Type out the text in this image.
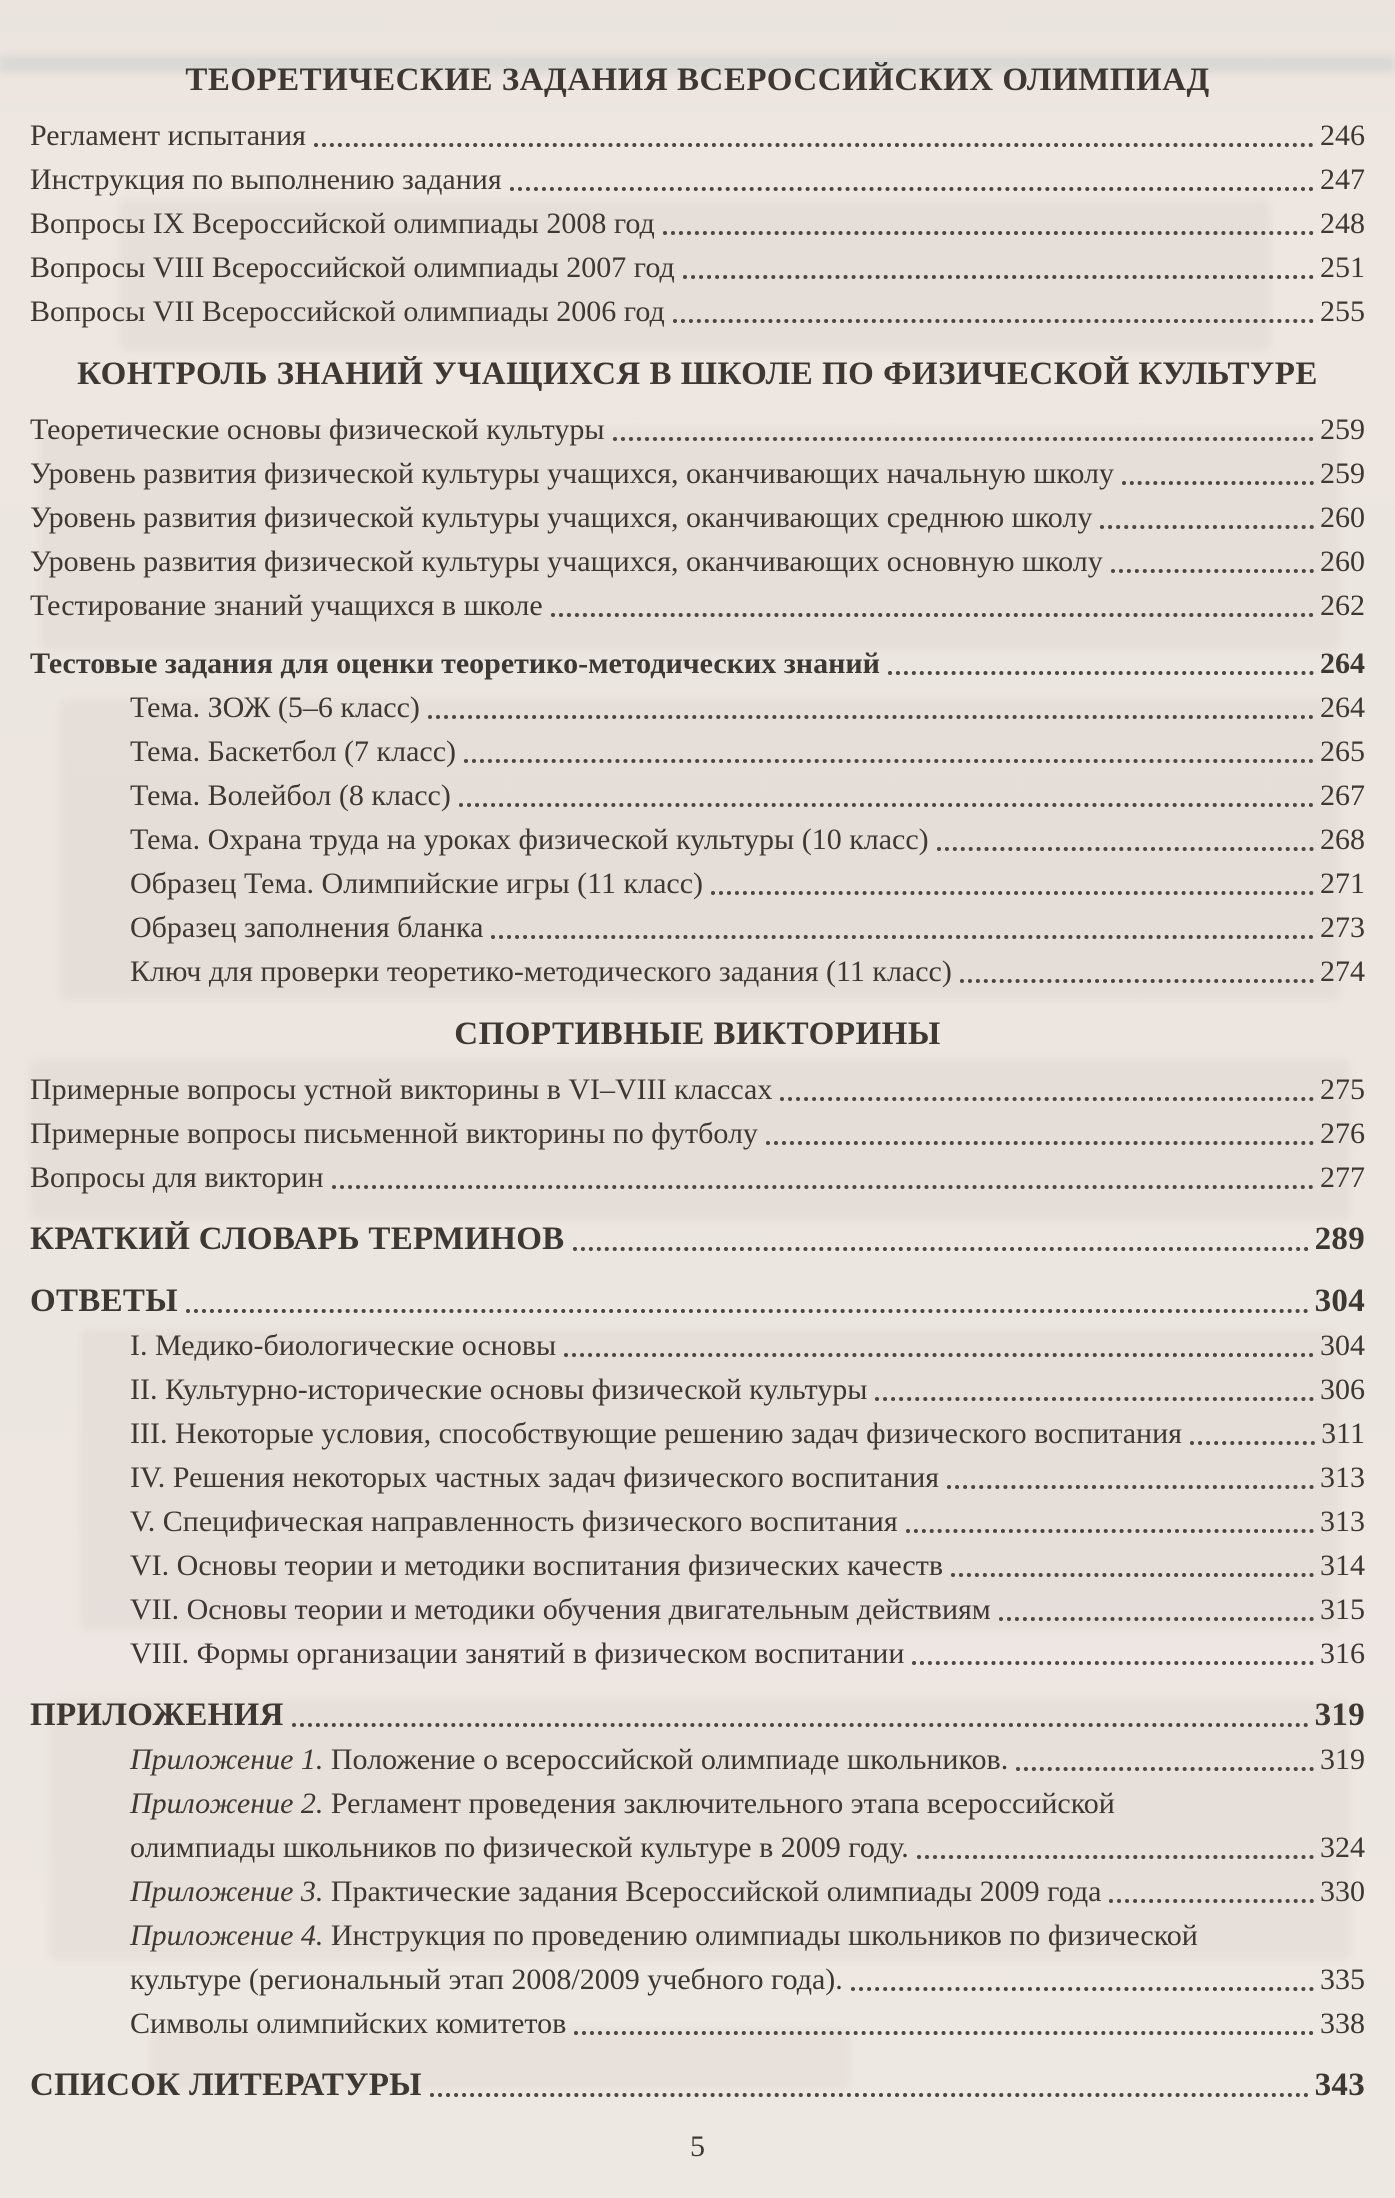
ТЕОРЕТИЧЕСКИЕ ЗАДАНИЯ ВСЕРОССИЙСКИХ ОЛИМПИАД
Регламент испытания	246
Инструкция по выполнению задания	247
Вопросы IX Всероссийской олимпиады 2008 год	248
Вопросы VIII Всероссийской олимпиады 2007 год	251
Вопросы VII Всероссийской олимпиады 2006 год	255
КОНТРОЛЬ ЗНАНИЙ УЧАЩИХСЯ В ШКОЛЕ ПО ФИЗИЧЕСКОЙ КУЛЬТУРЕ
Теоретические основы физической культуры	259
Уровень развития физической культуры учащихся, оканчивающих начальную школу	259
Уровень развития физической культуры учащихся, оканчивающих среднюю школу	260
Уровень развития физической культуры учащихся, оканчивающих основную школу	260
Тестирование знаний учащихся в школе	262
Тестовые задания для оценки теоретико-методических знаний	264
Тема. ЗОЖ (5–6 класс)	264
Тема. Баскетбол (7 класс)	265
Тема. Волейбол (8 класс)	267
Тема. Охрана труда на уроках физической культуры (10 класс)	268
Образец Тема. Олимпийские игры (11 класс)	271
Образец заполнения бланка	273
Ключ для проверки теоретико-методического задания (11 класс)	274
СПОРТИВНЫЕ ВИКТОРИНЫ
Примерные вопросы устной викторины в VI–VIII классах	275
Примерные вопросы письменной викторины по футболу	276
Вопросы для викторин	277
КРАТКИЙ СЛОВАРЬ ТЕРМИНОВ	289
ОТВЕТЫ	304
I. Медико-биологические основы	304
II. Культурно-исторические основы физической культуры	306
III. Некоторые условия, способствующие решению задач физического воспитания	311
IV. Решения некоторых частных задач физического воспитания	313
V. Специфическая направленность физического воспитания	313
VI. Основы теории и методики воспитания физических качеств	314
VII. Основы теории и методики обучения двигательным действиям	315
VIII. Формы организации занятий в физическом воспитании	316
ПРИЛОЖЕНИЯ	319
Приложение 1. Положение о всероссийской олимпиаде школьников.	319
Приложение 2. Регламент проведения заключительного этапа всероссийской
олимпиады школьников по физической культуре в 2009 году.	324
Приложение 3. Практические задания Всероссийской олимпиады 2009 года	330
Приложение 4. Инструкция по проведению олимпиады школьников по физической
культуре (региональный этап 2008/2009 учебного года).	335
Символы олимпийских комитетов	338
СПИСОК ЛИТЕРАТУРЫ	343
5
